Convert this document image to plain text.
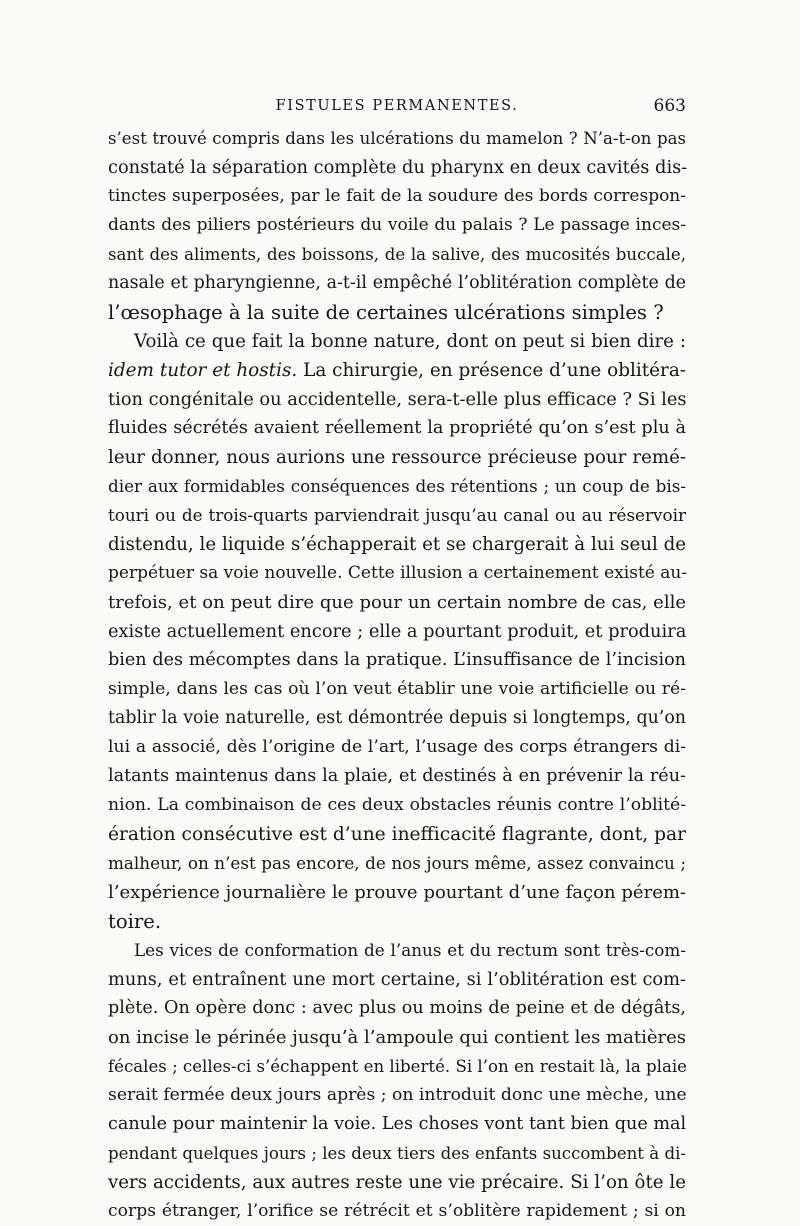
FISTULES PERMANENTES.	663
s’est trouvé compris dans les ulcérations du mamelon ? N’a-t-on pas
constaté la séparation complète du pharynx en deux cavités dis-
tinctes superposées, par le fait de la soudure des bords correspon-
dants des piliers postérieurs du voile du palais ? Le passage inces-
sant des aliments, des boissons, de la salive, des mucosités buccale,
nasale et pharyngienne, a-t-il empêché l’oblitération complète de
l’œsophage à la suite de certaines ulcérations simples ?
Voilà ce que fait la bonne nature, dont on peut si bien dire :
idem tutor et hostis. La chirurgie, en présence d’une oblitéra-
tion congénitale ou accidentelle, sera-t-elle plus efficace ? Si les
fluides sécrétés avaient réellement la propriété qu’on s’est plu à
leur donner, nous aurions une ressource précieuse pour remé-
dier aux formidables conséquences des rétentions ; un coup de bis-
touri ou de trois-quarts parviendrait jusqu’au canal ou au réservoir
distendu, le liquide s’échapperait et se chargerait à lui seul de
perpétuer sa voie nouvelle. Cette illusion a certainement existé au-
trefois, et on peut dire que pour un certain nombre de cas, elle
existe actuellement encore ; elle a pourtant produit, et produira
bien des mécomptes dans la pratique. L’insuffisance de l’incision
simple, dans les cas où l’on veut établir une voie artificielle ou ré-
tablir la voie naturelle, est démontrée depuis si longtemps, qu’on
lui a associé, dès l’origine de l’art, l’usage des corps étrangers di-
latants maintenus dans la plaie, et destinés à en prévenir la réu-
nion. La combinaison de ces deux obstacles réunis contre l’oblité-
ération consécutive est d’une inefficacité flagrante, dont, par
malheur, on n’est pas encore, de nos jours même, assez convaincu ;
l’expérience journalière le prouve pourtant d’une façon pérem-
toire.
Les vices de conformation de l’anus et du rectum sont très-com-
muns, et entraînent une mort certaine, si l’oblitération est com-
plète. On opère donc : avec plus ou moins de peine et de dégâts,
on incise le périnée jusqu’à l’ampoule qui contient les matières
fécales ; celles-ci s’échappent en liberté. Si l’on en restait là, la plaie
serait fermée deux jours après ; on introduit donc une mèche, une
canule pour maintenir la voie. Les choses vont tant bien que mal
pendant quelques jours ; les deux tiers des enfants succombent à di-
vers accidents, aux autres reste une vie précaire. Si l’on ôte le
corps étranger, l’orifice se rétrécit et s’oblitère rapidement ; si on
